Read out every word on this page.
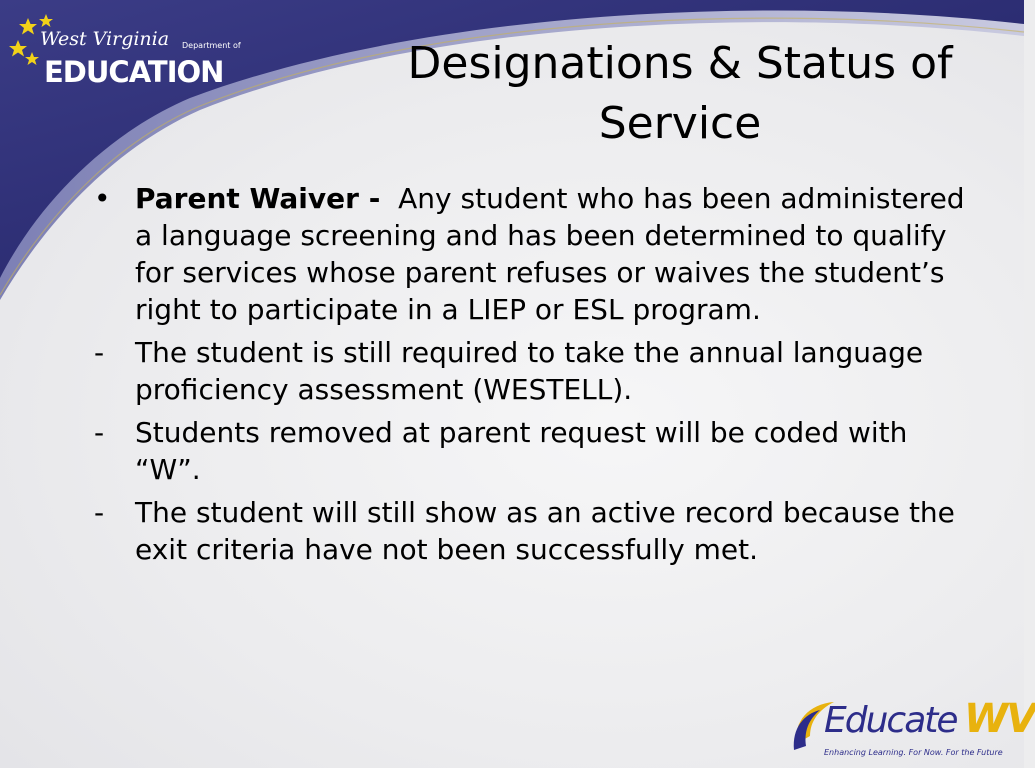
West Virginia Department of
EDUCATION	Designations & Status of Service
• Parent Waiver -  Any student who has been administered a language screening and has been determined to qualify for services whose parent refuses or waives the student’s right to participate in a LIEP or ESL program.
-	The student is still required to take the annual language proficiency assessment (WESTELL).
-	Students removed at parent request will be coded with “W”.
-	The student will still show as an active record because the exit criteria have not been successfully met.
Educate WV
Enhancing Learning. For Now. For the Future
